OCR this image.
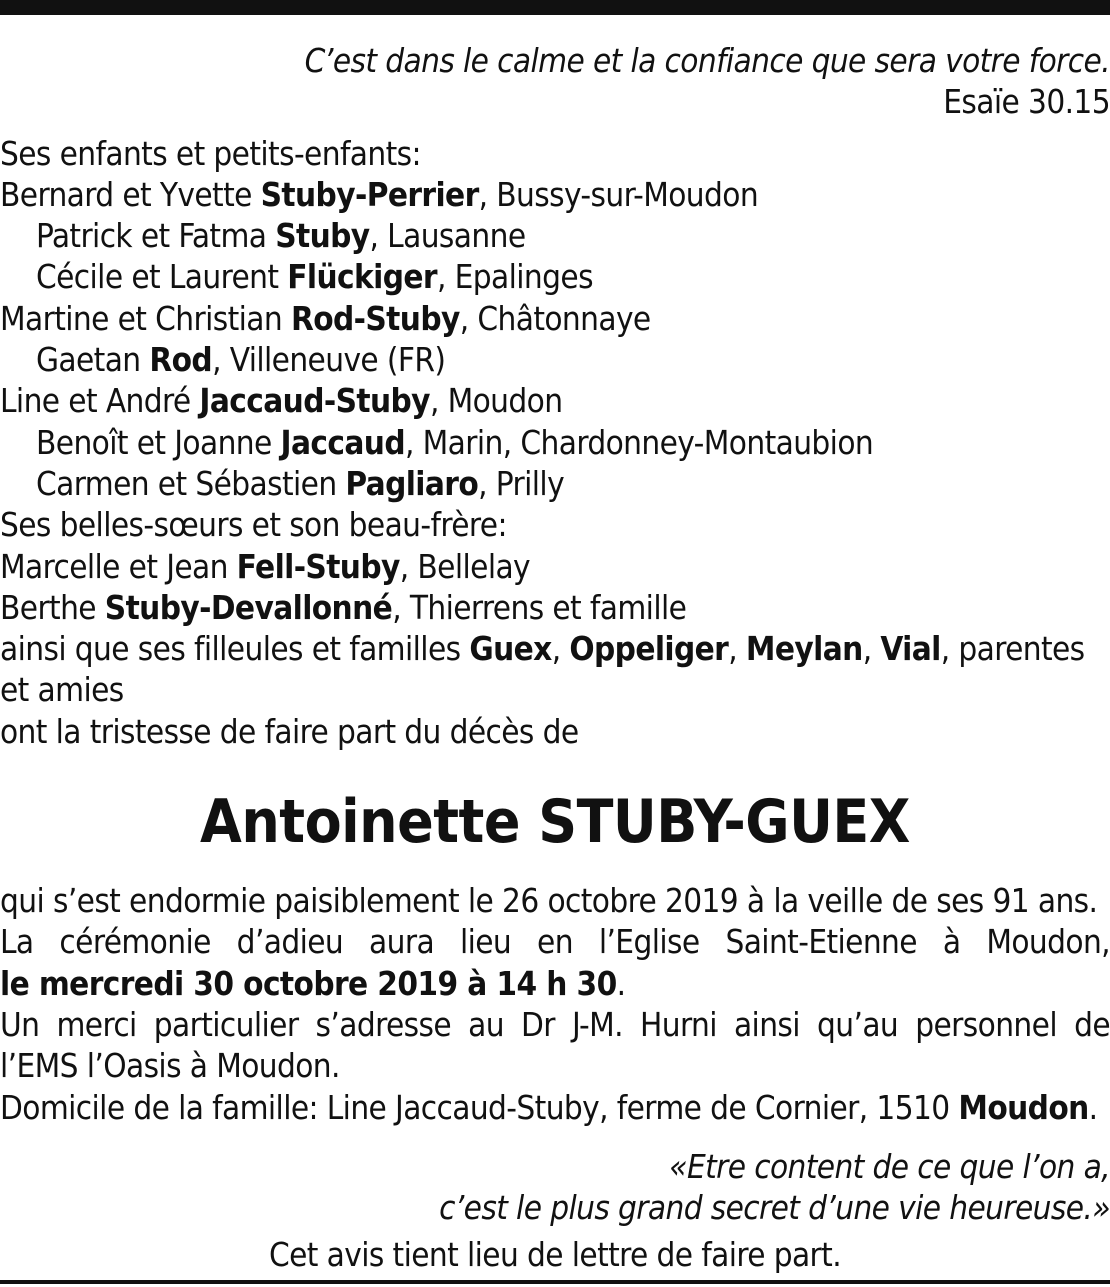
C’est dans le calme et la confiance que sera votre force.
Esaïe 30.15
Ses enfants et petits-enfants:
Bernard et Yvette Stuby-Perrier, Bussy-sur-Moudon
Patrick et Fatma Stuby, Lausanne
Cécile et Laurent Flückiger, Epalinges
Martine et Christian Rod-Stuby, Châtonnaye
Gaetan Rod, Villeneuve (FR)
Line et André Jaccaud-Stuby, Moudon
Benoît et Joanne Jaccaud, Marin, Chardonney-Montaubion
Carmen et Sébastien Pagliaro, Prilly
Ses belles-sœurs et son beau-frère:
Marcelle et Jean Fell-Stuby, Bellelay
Berthe Stuby-Devallonné, Thierrens et famille
ainsi que ses filleules et familles Guex, Oppeliger, Meylan, Vial, parentes et amies
ont la tristesse de faire part du décès de
Antoinette STUBY-GUEX
qui s’est endormie paisiblement le 26 octobre 2019 à la veille de ses 91 ans.
La cérémonie d’adieu aura lieu en l’Eglise Saint-Etienne à Moudon,
le mercredi 30 octobre 2019 à 14 h 30.
Un merci particulier s’adresse au Dr J-M. Hurni ainsi qu’au personnel de
l’EMS l’Oasis à Moudon.
Domicile de la famille: Line Jaccaud-Stuby, ferme de Cornier, 1510 Moudon.
«Etre content de ce que l’on a,
c’est le plus grand secret d’une vie heureuse.»
Cet avis tient lieu de lettre de faire part.
